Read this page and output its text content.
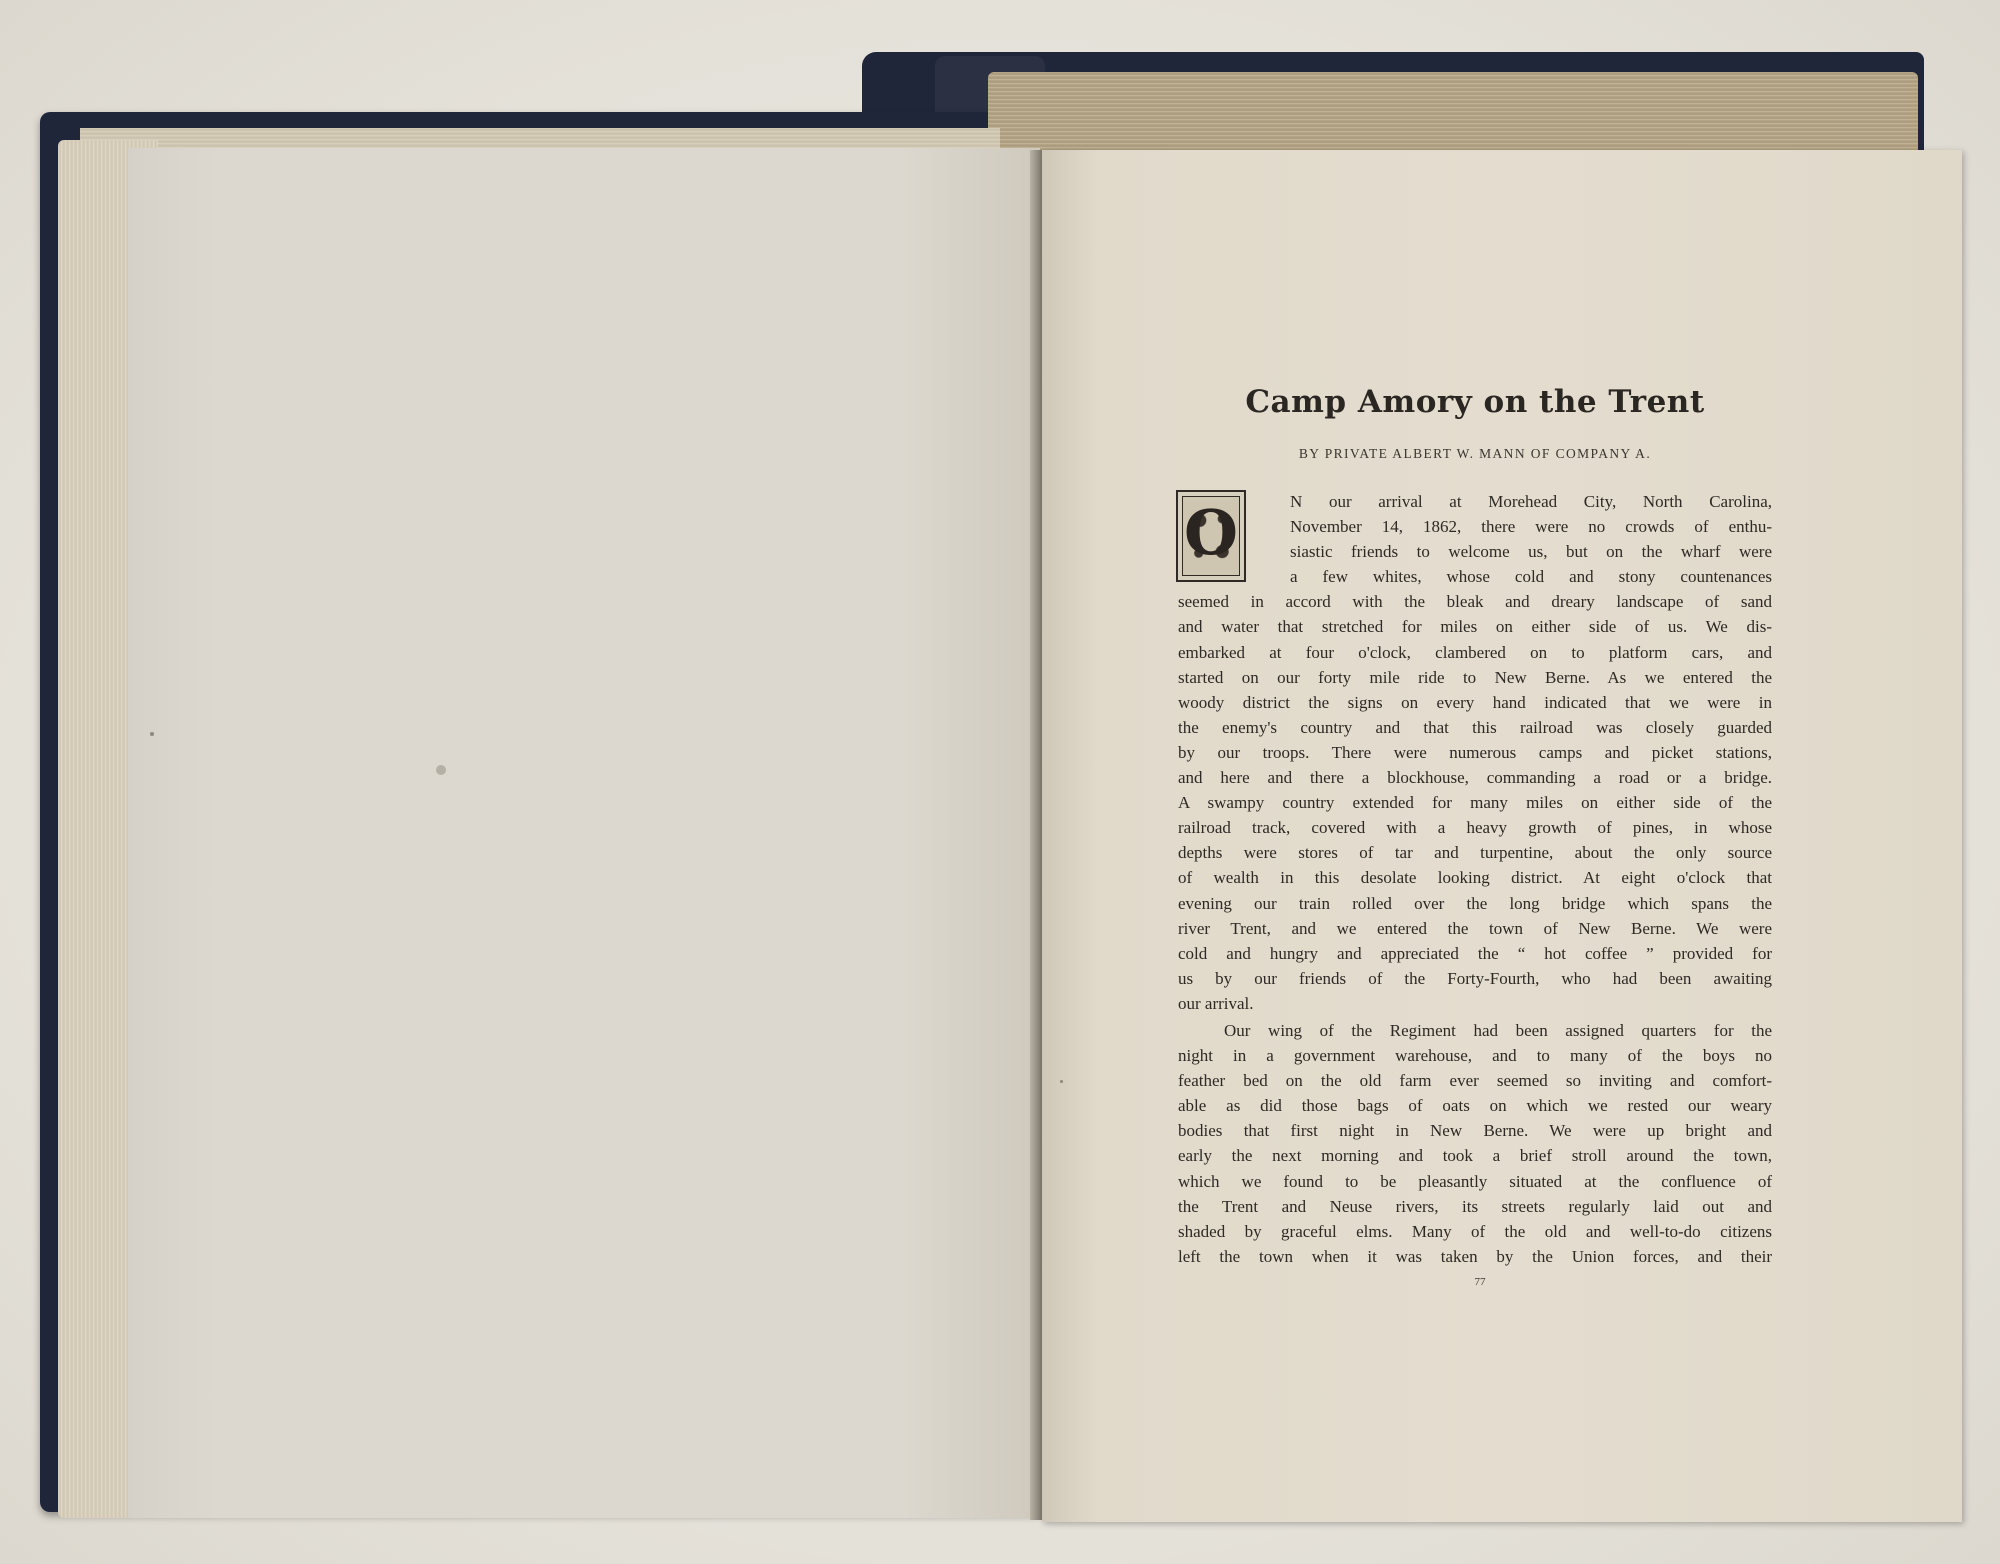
Camp Amory on the Trent
BY PRIVATE ALBERT W. MANN OF COMPANY A.
O	N our arrival at Morehead City, North Carolina,
November 14, 1862, there were no crowds of enthu-
siastic friends to welcome us, but on the wharf were
a few whites, whose cold and stony countenances
seemed in accord with the bleak and dreary landscape of sand
and water that stretched for miles on either side of us. We dis-
embarked at four o'clock, clambered on to platform cars, and
started on our forty mile ride to New Berne. As we entered the
woody district the signs on every hand indicated that we were in
the enemy's country and that this railroad was closely guarded
by our troops. There were numerous camps and picket stations,
and here and there a blockhouse, commanding a road or a bridge.
A swampy country extended for many miles on either side of the
railroad track, covered with a heavy growth of pines, in whose
depths were stores of tar and turpentine, about the only source
of wealth in this desolate looking district. At eight o'clock that
evening our train rolled over the long bridge which spans the
river Trent, and we entered the town of New Berne. We were
cold and hungry and appreciated the “ hot coffee ” provided for
us by our friends of the Forty-Fourth, who had been awaiting
our arrival.
Our wing of the Regiment had been assigned quarters for the
night in a government warehouse, and to many of the boys no
feather bed on the old farm ever seemed so inviting and comfort-
able as did those bags of oats on which we rested our weary
bodies that first night in New Berne. We were up bright and
early the next morning and took a brief stroll around the town,
which we found to be pleasantly situated at the confluence of
the Trent and Neuse rivers, its streets regularly laid out and
shaded by graceful elms. Many of the old and well-to-do citizens
left the town when it was taken by the Union forces, and their
77
